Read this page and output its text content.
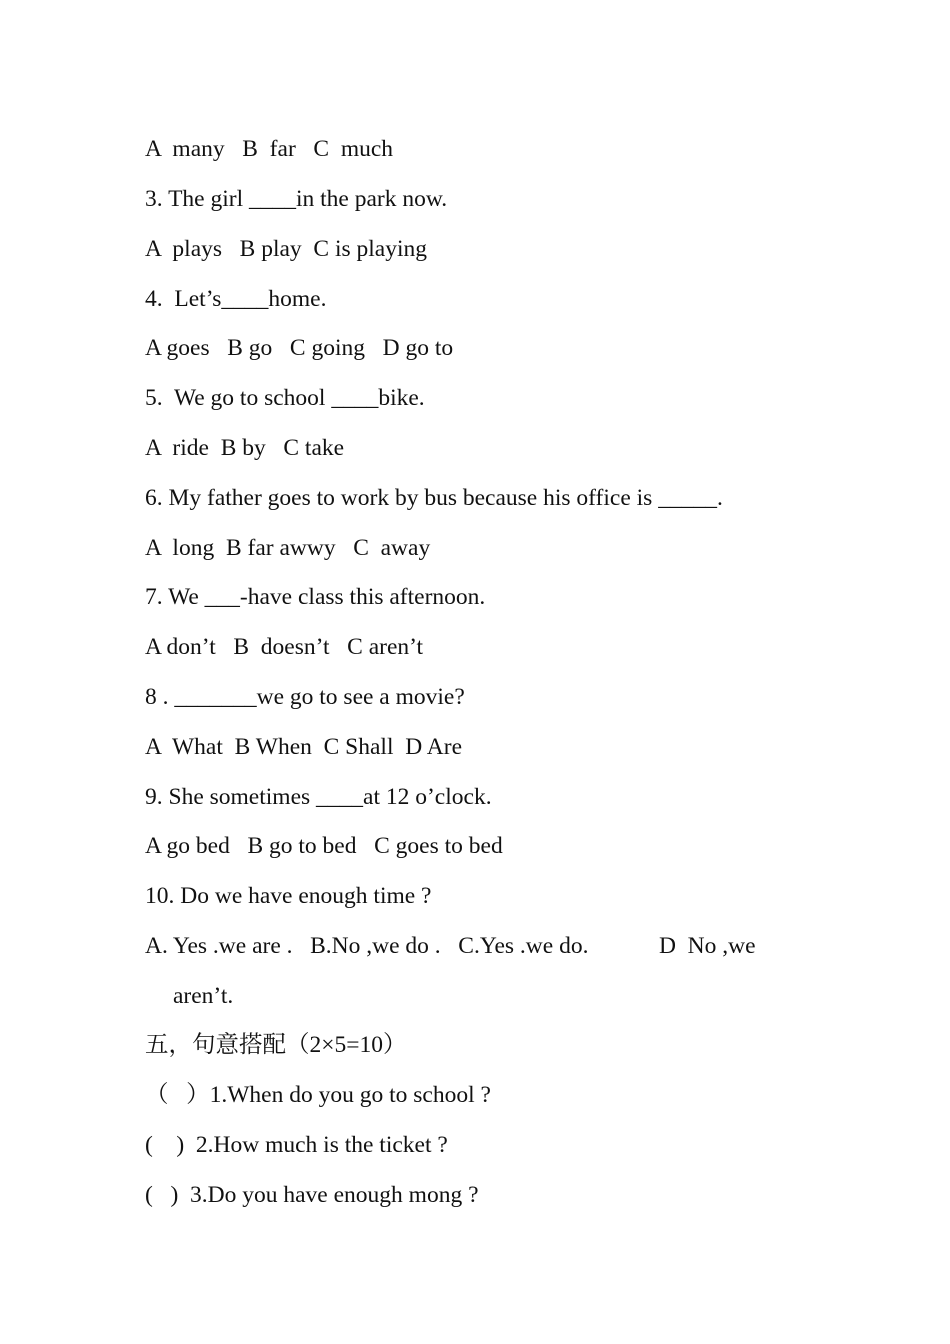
A  many   B  far   C  much
3. The girl ____in the park now.
A  plays   B play  C is playing
4.  Let’s____home.
A goes   B go   C going   D go to
5.  We go to school ____bike.
A  ride  B by   C take
6. My father goes to work by bus because his office is _____.
A  long  B far awwy   C  away
7. We ___-have class this afternoon.
A don’t   B  doesn’t   C aren’t
8 . _______we go to see a movie?
A  What  B When  C Shall  D Are
9. She sometimes ____at 12 o’clock.
A go bed   B go to bed   C goes to bed
10. Do we have enough time ?
A. Yes .we are .   B.No ,we do .   C.Yes .we do.            D  No ,we
aren’t.
五，句意搭配（2×5=10）
（   ）1.When do you go to school ?
(    )  2.How much is the ticket ?
(   )  3.Do you have enough mong ?
